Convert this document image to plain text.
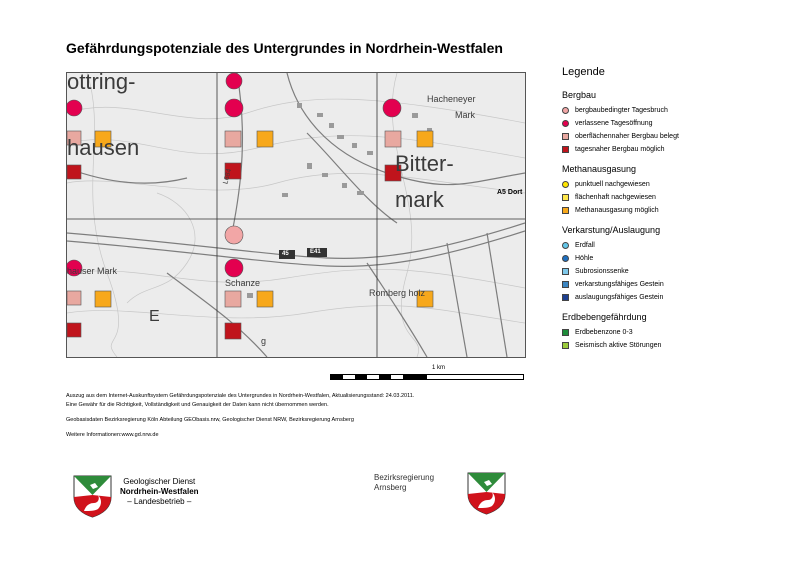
Gefährdungspotenziale des Untergrundes in Nordrhein-Westfalen
ottring-
hausen
Bitter-
mark
Hacheneyer
Mark
A5 Dort
L684
Schanze
Romberg holz
hauser Mark
E
45	E41
g
1 km
Legende
Bergbau
bergbaubedingter Tagesbruch
verlassene Tagesöffnung
oberflächennaher Bergbau belegt
tagesnaher Bergbau möglich
Methanausgasung
punktuell nachgewiesen
flächenhaft nachgewiesen
Methanausgasung möglich
Verkarstung/Auslaugung
Erdfall
Höhle
Subrosionssenke
verkarstungsfähiges Gestein
auslaugungsfähiges Gestein
Erdbebengefährdung
Erdbebenzone 0-3
Seismisch aktive Störungen

Auszug aus dem Internet-Auskunftsystem Gefährdungspotenziale des Untergrundes in Nordrhein-Westfalen, Aktualisierungsstand: 24.03.2011.

Eine Gewähr für die Richtigkeit, Vollständigkeit und Genauigkeit der Daten kann nicht übernommen werden.

Geobasisdaten Bezirksregierung Köln Abteilung GEObasis.nrw, Geologischer Dienst NRW, Bezirksregierung Arnsberg

Weitere Informationen:www.gd.nrw.de

Geologischer Dienst
Nordrhein-Westfalen
– Landesbetrieb –
Bezirksregierung
Arnsberg
